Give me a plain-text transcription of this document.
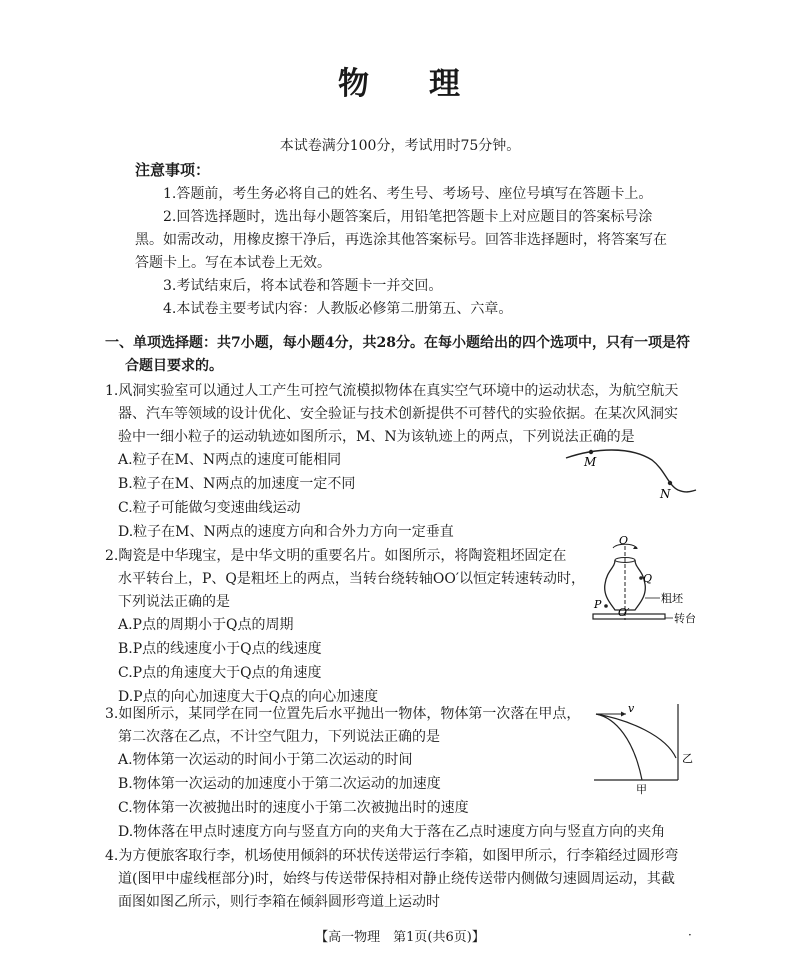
物 理
本试卷满分100分，考试用时75分钟。
注意事项：
1.答题前，考生务必将自己的姓名、考生号、考场号、座位号填写在答题卡上。
2.回答选择题时，选出每小题答案后，用铅笔把答题卡上对应题目的答案标号涂
黑。如需改动，用橡皮擦干净后，再选涂其他答案标号。回答非选择题时，将答案写在
答题卡上。写在本试卷上无效。
3.考试结束后，将本试卷和答题卡一并交回。
4.本试卷主要考试内容：人教版必修第二册第五、六章。
一、单项选择题：共7小题，每小题4分，共28分。在每小题给出的四个选项中，只有一项是符
合题目要求的。
1.风洞实验室可以通过人工产生可控气流模拟物体在真实空气环境中的运动状态，为航空航天
器、汽车等领域的设计优化、安全验证与技术创新提供不可替代的实验依据。在某次风洞实
验中一细小粒子的运动轨迹如图所示，M、N为该轨迹上的两点，下列说法正确的是
A.粒子在M、N两点的速度可能相同
B.粒子在M、N两点的加速度一定不同
C.粒子可能做匀变速曲线运动
D.粒子在M、N两点的速度方向和合外力方向一定垂直
M
N
2.陶瓷是中华瑰宝，是中华文明的重要名片。如图所示，将陶瓷粗坯固定在
水平转台上，P、Q是粗坯上的两点，当转台绕转轴OO′以恒定转速转动时，
下列说法正确的是
A.P点的周期小于Q点的周期
B.P点的线速度小于Q点的线速度
C.P点的角速度大于Q点的角速度
D.P点的向心加速度大于Q点的向心加速度
O
O′
Q
P	粗坯
转台
3.如图所示，某同学在同一位置先后水平抛出一物体，物体第一次落在甲点，
第二次落在乙点，不计空气阻力，下列说法正确的是
A.物体第一次运动的时间小于第二次运动的时间
B.物体第一次运动的加速度小于第二次运动的加速度
C.物体第一次被抛出时的速度小于第二次被抛出时的速度
D.物体落在甲点时速度方向与竖直方向的夹角大于落在乙点时速度方向与竖直方向的夹角
v
甲
乙
4.为方便旅客取行李，机场使用倾斜的环状传送带运行李箱，如图甲所示，行李箱经过圆形弯
道(图甲中虚线框部分)时，始终与传送带保持相对静止绕传送带内侧做匀速圆周运动，其截
面图如图乙所示，则行李箱在倾斜圆形弯道上运动时
【高一物理　第1页(共6页)】	·
